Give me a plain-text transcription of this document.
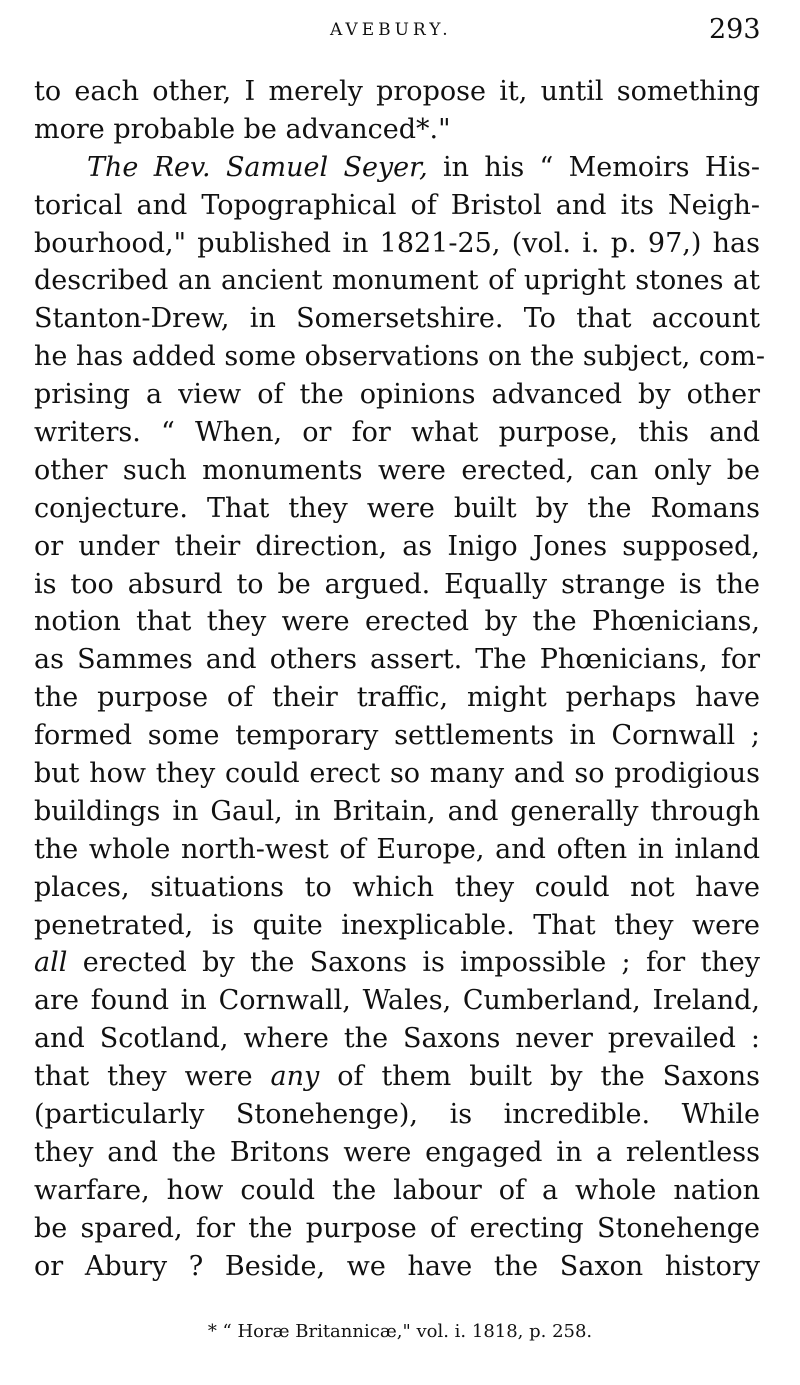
AVEBURY.	293
to each other, I merely propose it, until something
more probable be advanced*."
The Rev. Samuel Seyer, in his “ Memoirs His-
torical and Topographical of Bristol and its Neigh-
bourhood," published in 1821-25, (vol. i. p. 97,) has
described an ancient monument of upright stones at
Stanton-Drew, in Somersetshire. To that account
he has added some observations on the subject, com-
prising a view of the opinions advanced by other
writers. “ When, or for what purpose, this and
other such monuments were erected, can only be
conjecture. That they were built by the Romans
or under their direction, as Inigo Jones supposed,
is too absurd to be argued. Equally strange is the
notion that they were erected by the Phœnicians,
as Sammes and others assert. The Phœnicians, for
the purpose of their traffic, might perhaps have
formed some temporary settlements in Cornwall ;
but how they could erect so many and so prodigious
buildings in Gaul, in Britain, and generally through
the whole north-west of Europe, and often in inland
places, situations to which they could not have
penetrated, is quite inexplicable. That they were
all erected by the Saxons is impossible ; for they
are found in Cornwall, Wales, Cumberland, Ireland,
and Scotland, where the Saxons never prevailed :
that they were any of them built by the Saxons
(particularly Stonehenge), is incredible. While
they and the Britons were engaged in a relentless
warfare, how could the labour of a whole nation
be spared, for the purpose of erecting Stonehenge
or Abury ? Beside, we have the Saxon history
* “ Horæ Britannicæ," vol. i. 1818, p. 258.
